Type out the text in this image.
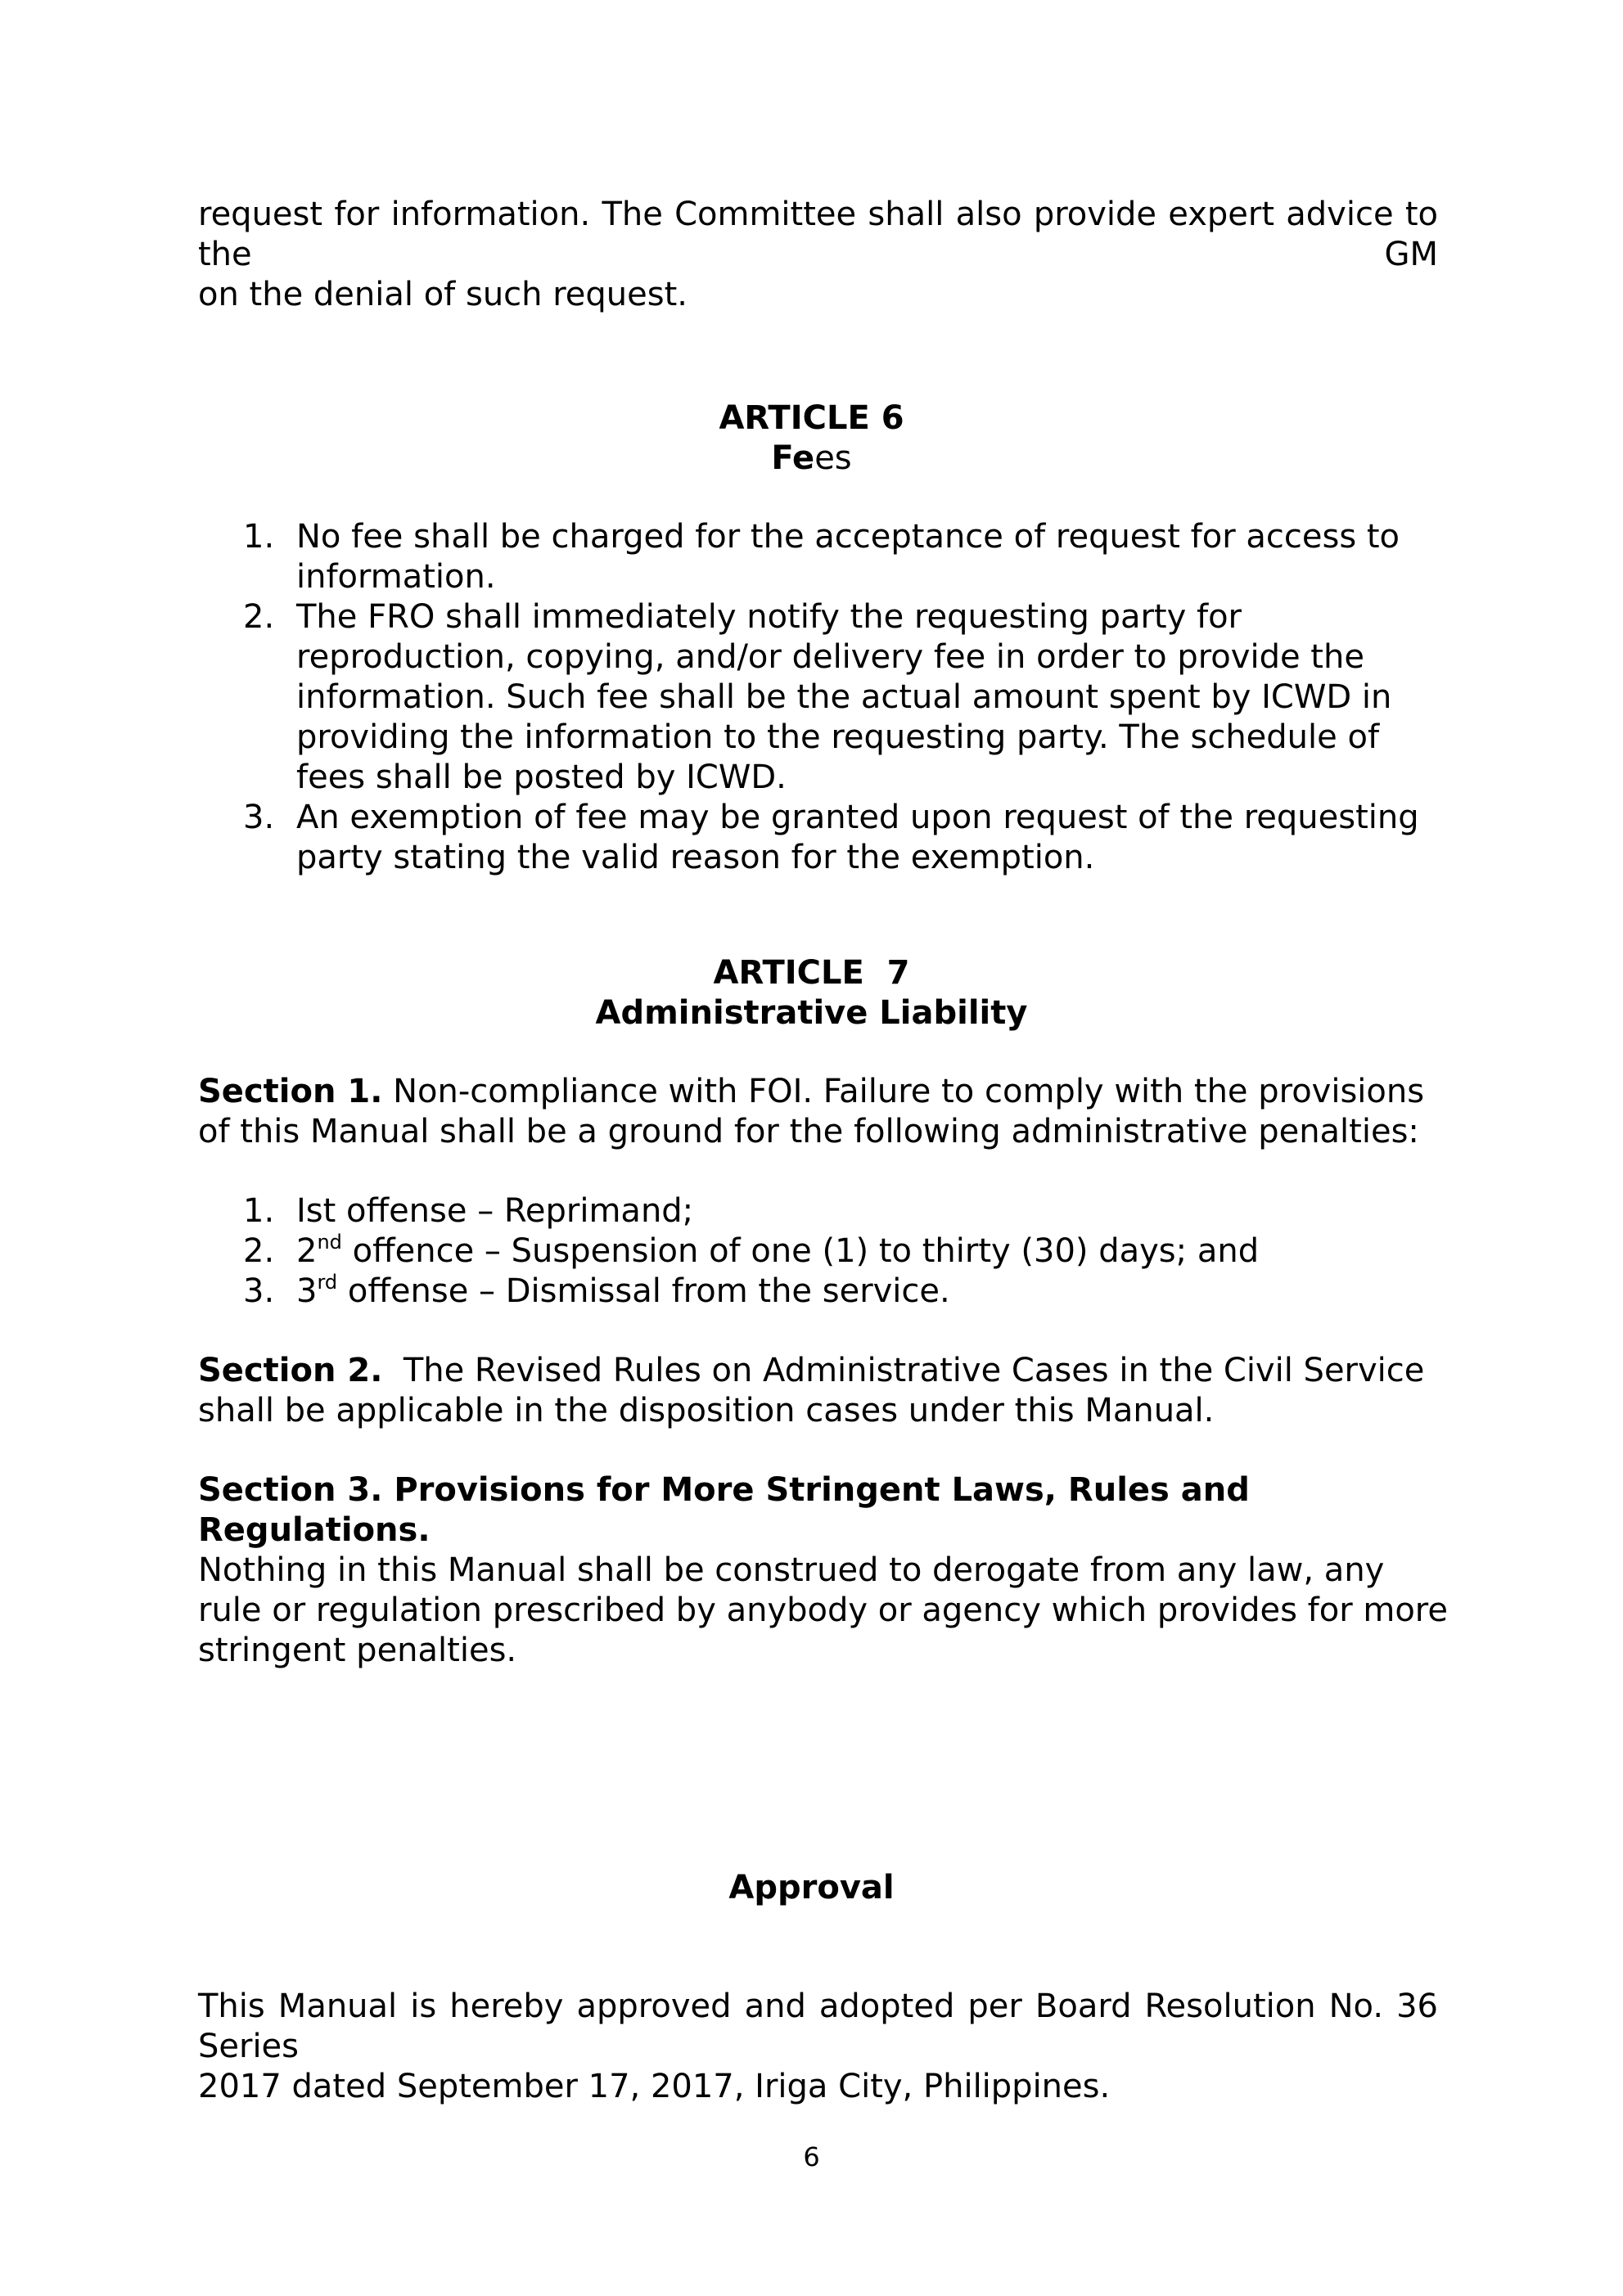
request for information. The Committee shall also provide expert advice to the GM
on the denial of such request.
ARTICLE 6
Fees
1. No fee shall be charged for the acceptance of request for access to information.
2. The FRO shall immediately notify the requesting party for reproduction, copying, and/or delivery fee in order to provide the information. Such fee shall be the actual amount spent by ICWD in providing the information to the requesting party. The schedule of fees shall be posted by ICWD.
3. An exemption of fee may be granted upon request of the requesting party stating the valid reason for the exemption.
ARTICLE  7
Administrative Liability
Section 1. Non-compliance with FOI. Failure to comply with the provisions of this Manual shall be a ground for the following administrative penalties:
1. Ist offense – Reprimand;
2. 2nd offence – Suspension of one (1) to thirty (30) days; and
3. 3rd offense – Dismissal from the service.
Section 2.  The Revised Rules on Administrative Cases in the Civil Service shall be applicable in the disposition cases under this Manual.
Section 3. Provisions for More Stringent Laws, Rules and Regulations.
Nothing in this Manual shall be construed to derogate from any law, any rule or regulation prescribed by anybody or agency which provides for more stringent penalties.
Approval
This Manual is hereby approved and adopted per Board Resolution No. 36 Series
2017 dated September 17, 2017, Iriga City, Philippines.
6
